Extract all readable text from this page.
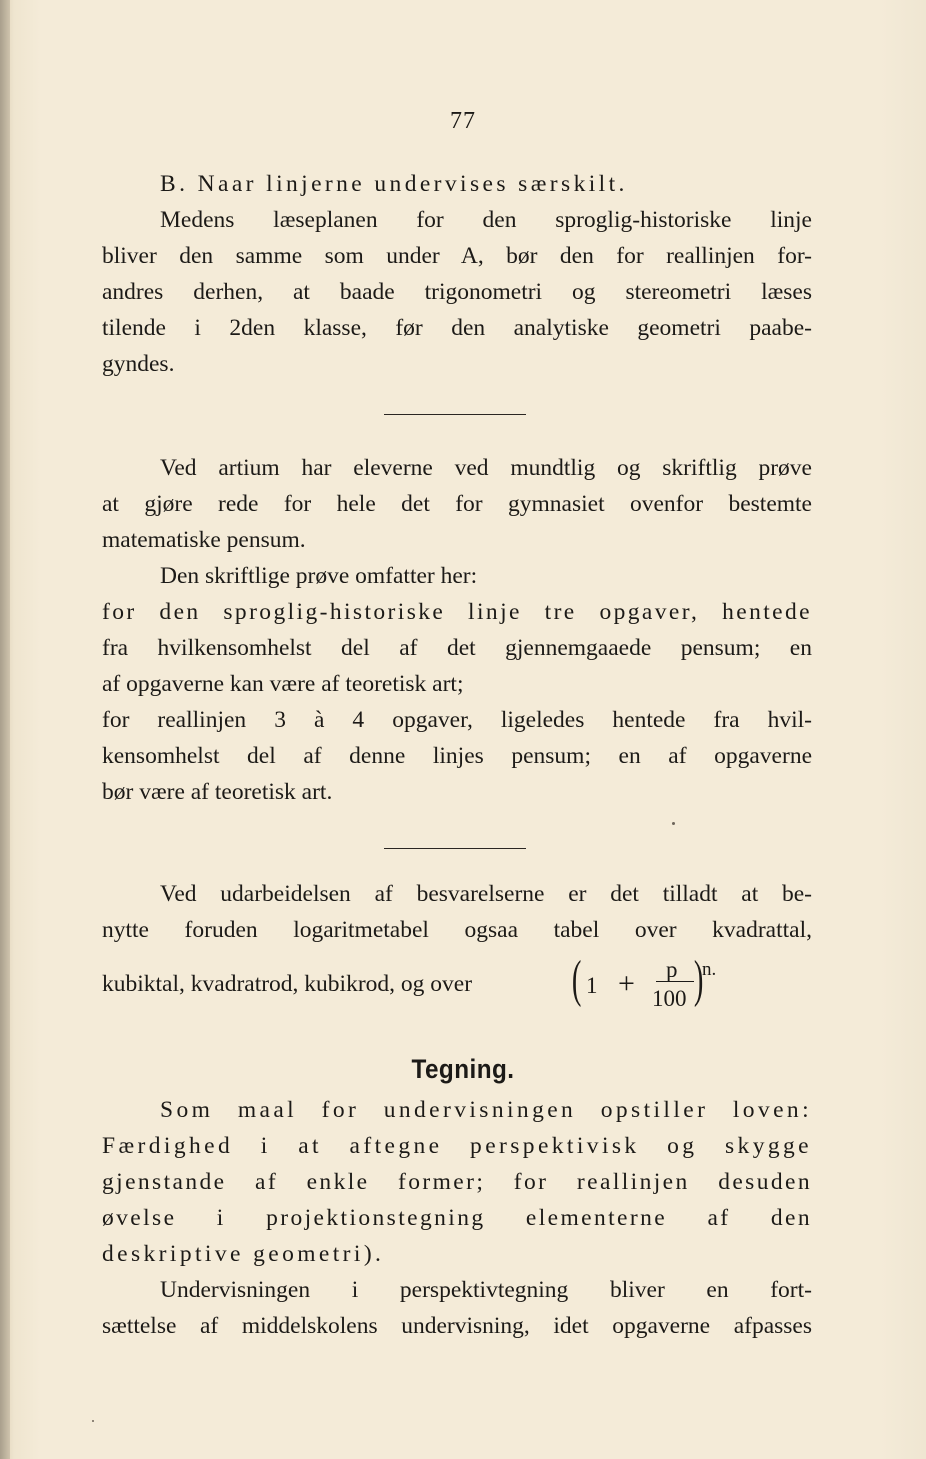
77
B. Naar linjerne undervises særskilt.
Medens læseplanen for den sproglig-historiske linje
bliver den samme som under A, bør den for reallinjen for-
andres derhen, at baade trigonometri og stereometri læses
tilende i 2den klasse, før den analytiske geometri paabe-
gyndes.
Ved artium har eleverne ved mundtlig og skriftlig prøve
at gjøre rede for hele det for gymnasiet ovenfor bestemte
matematiske pensum.
Den skriftlige prøve omfatter her:
for den sproglig-historiske linje tre opgaver, hentede
fra hvilkensomhelst del af det gjennemgaaede pensum; en
af opgaverne kan være af teoretisk art;
for reallinjen 3 à 4 opgaver, ligeledes hentede fra hvil-
kensomhelst del af denne linjes pensum; en af opgaverne
bør være af teoretisk art.
Ved udarbeidelsen af besvarelserne er det tilladt at be-
nytte foruden logaritmetabel ogsaa tabel over kvadrattal,
kubiktal, kvadratrod, kubikrod, og over ( 1 + p
100 )
n.
Tegning.
Som maal for undervisningen opstiller loven:
Færdighed i at aftegne perspektivisk og skygge
gjenstande af enkle former; for reallinjen desuden
øvelse i projektionstegning elementerne af den
deskriptive geometri).
Undervisningen i perspektivtegning bliver en fort-
sættelse af middelskolens undervisning, idet opgaverne afpasses
